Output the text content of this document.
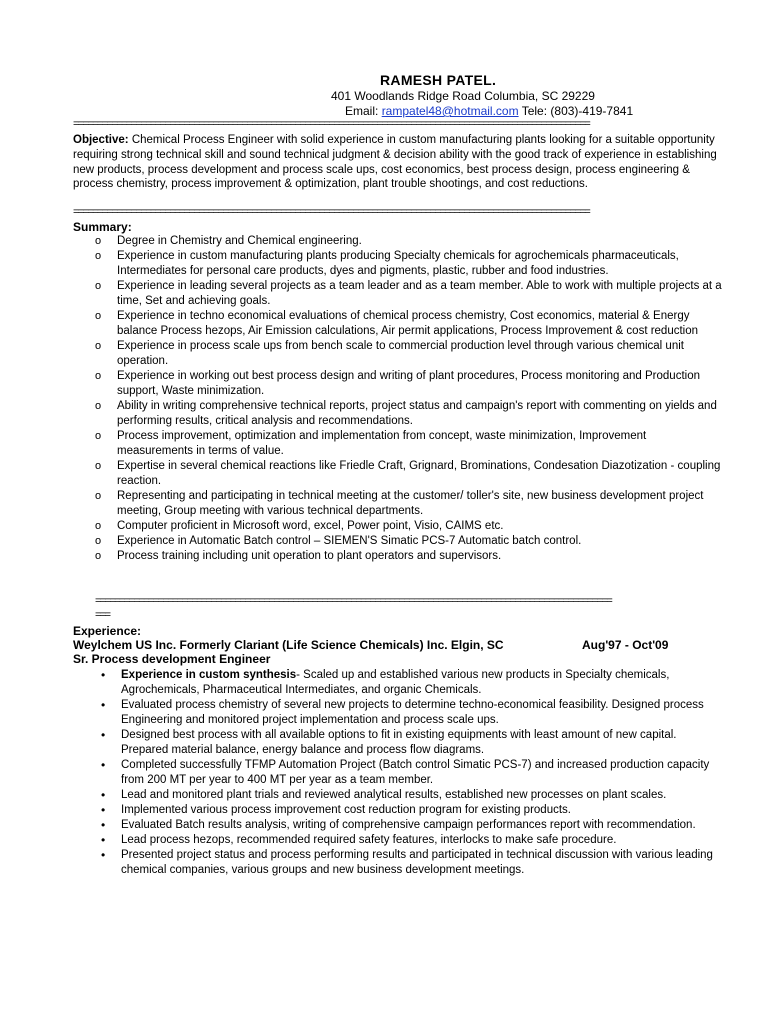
RAMESH PATEL.
401 Woodlands Ridge Road Columbia, SC 29229
Email: rampatel48@hotmail.com Tele: (803)-419-7841
===========================================================================================================
Objective: Chemical Process Engineer with solid experience in custom manufacturing plants looking for a suitable opportunity requiring strong technical skill and sound technical judgment & decision ability with the good track of experience in establishing new products, process development and process scale ups, cost economics, best process design, process engineering & process chemistry, process improvement & optimization, plant trouble shootings, and cost reductions.
===========================================================================================================
Summary:
o Degree in Chemistry and Chemical engineering.
o Experience in custom manufacturing plants producing Specialty chemicals for agrochemicals pharmaceuticals, Intermediates for personal care products, dyes and pigments, plastic, rubber and food industries.
o Experience in leading several projects as a team leader and as a team member. Able to work with multiple projects at a time, Set and achieving goals.
o Experience in techno economical evaluations of chemical process chemistry, Cost economics, material & Energy balance Process hezops, Air Emission calculations, Air permit applications, Process Improvement & cost reduction
o Experience in process scale ups from bench scale to commercial production level through various chemical unit operation.
o Experience in working out best process design and writing of plant procedures, Process monitoring and Production support, Waste minimization.
o Ability in writing comprehensive technical reports, project status and campaign's report with commenting on yields and performing results, critical analysis and recommendations.
o Process improvement, optimization and implementation from concept, waste minimization, Improvement measurements in terms of value.
o Expertise in several chemical reactions like Friedle Craft, Grignard, Brominations, Condesation Diazotization - coupling reaction.
o Representing and participating in technical meeting at the customer/ toller's site, new business development project meeting, Group meeting with various technical departments.
o Computer proficient in Microsoft word, excel, Power point, Visio, CAIMS etc.
o Experience in Automatic Batch control – SIEMEN'S Simatic PCS-7 Automatic batch control.
o Process training including unit operation to plant operators and supervisors.
===========================================================================================================
===
Experience:
Weylchem US Inc. Formerly Clariant (Life Science Chemicals) Inc. Elgin, SC	Aug'97 - Oct'09
Sr. Process development Engineer
• Experience in custom synthesis- Scaled up and established various new products in Specialty chemicals, Agrochemicals, Pharmaceutical Intermediates, and organic Chemicals.
• Evaluated process chemistry of several new projects to determine techno-economical feasibility. Designed process Engineering and monitored project implementation and process scale ups.
• Designed best process with all available options to fit in existing equipments with least amount of new capital. Prepared material balance, energy balance and process flow diagrams.
• Completed successfully TFMP Automation Project (Batch control Simatic PCS-7) and increased production capacity from 200 MT per year to 400 MT per year as a team member.
• Lead and monitored plant trials and reviewed analytical results, established new processes on plant scales.
• Implemented various process improvement cost reduction program for existing products.
• Evaluated Batch results analysis, writing of comprehensive campaign performances report with recommendation.
• Lead process hezops, recommended required safety features, interlocks to make safe procedure.
• Presented project status and process performing results and participated in technical discussion with various leading chemical companies, various groups and new business development meetings.
